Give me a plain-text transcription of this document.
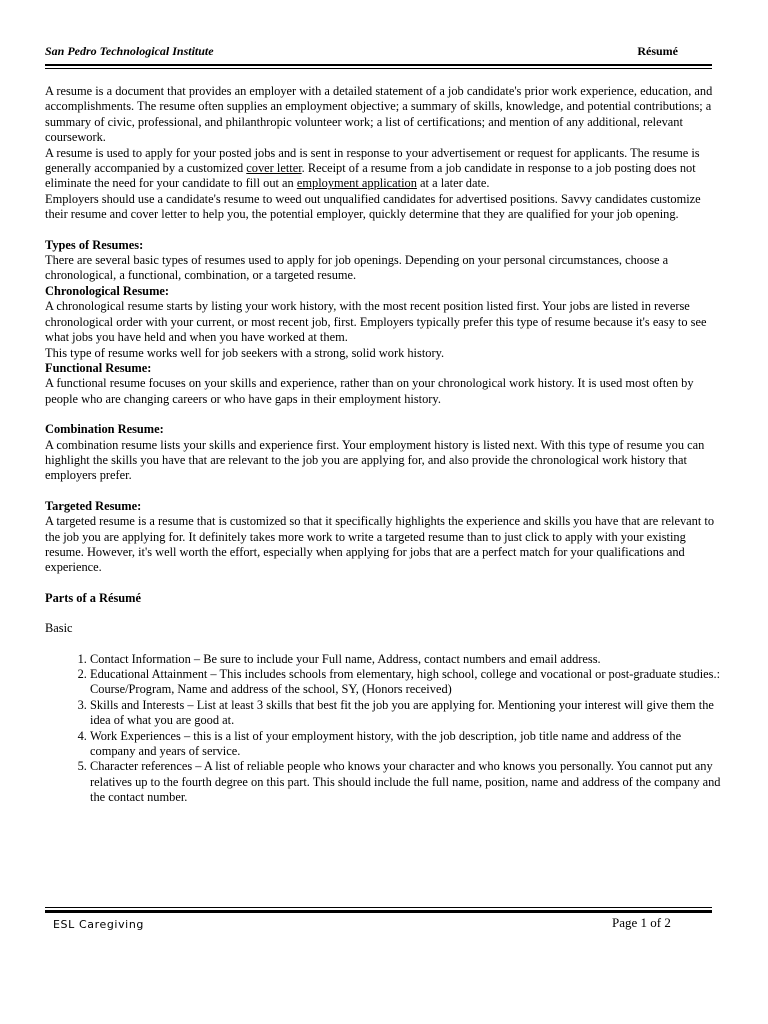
San Pedro Technological Institute	Résumé

A resume is a document that provides an employer with a detailed statement of a job candidate's prior work experience, education, and accomplishments. The resume often supplies an employment objective; a summary of skills, knowledge, and potential contributions; a summary of civic, professional, and philanthropic volunteer work; a list of certifications; and mention of any additional, relevant coursework.

A resume is used to apply for your posted jobs and is sent in response to your advertisement or request for applicants. The resume is generally accompanied by a customized cover letter. Receipt of a resume from a job candidate in response to a job posting does not eliminate the need for your candidate to fill out an employment application at a later date.

Employers should use a candidate's resume to weed out unqualified candidates for advertised positions. Savvy candidates customize their resume and cover letter to help you, the potential employer, quickly determine that they are qualified for your job opening.

Types of Resumes:

There are several basic types of resumes used to apply for job openings. Depending on your personal circumstances, choose a chronological, a functional, combination, or a targeted resume.

Chronological Resume:

A chronological resume starts by listing your work history, with the most recent position listed first. Your jobs are listed in reverse chronological order with your current, or most recent job, first. Employers typically prefer this type of resume because it's easy to see what jobs you have held and when you have worked at them.

This type of resume works well for job seekers with a strong, solid work history.

Functional Resume:

A functional resume focuses on your skills and experience, rather than on your chronological work history. It is used most often by people who are changing careers or who have gaps in their employment history.

Combination Resume:

A combination resume lists your skills and experience first. Your employment history is listed next. With this type of resume you can highlight the skills you have that are relevant to the job you are applying for, and also provide the chronological work history that employers prefer.

Targeted Resume:

A targeted resume is a resume that is customized so that it specifically highlights the experience and skills you have that are relevant to the job you are applying for. It definitely takes more work to write a targeted resume than to just click to apply with your existing resume. However, it's well worth the effort, especially when applying for jobs that are a perfect match for your qualifications and experience.

Parts of a Résumé

Basic

1. Contact Information – Be sure to include your Full name, Address, contact numbers and email address.
2. Educational Attainment – This includes schools from elementary, high school, college and vocational or post-graduate studies.: Course/Program, Name and address of the school, SY, (Honors received)
3. Skills and Interests – List at least 3 skills that best fit the job you are applying for. Mentioning your interest will give them the idea of what you are good at.
4. Work Experiences – this is a list of your employment history, with the job description, job title name and address of the company and years of service.
5. Character references – A list of reliable people who knows your character and who knows you personally. You cannot put any relatives up to the fourth degree on this part. This should include the full name, position, name and address of the company and the contact number.
ESL Caregiving	Page 1 of 2
